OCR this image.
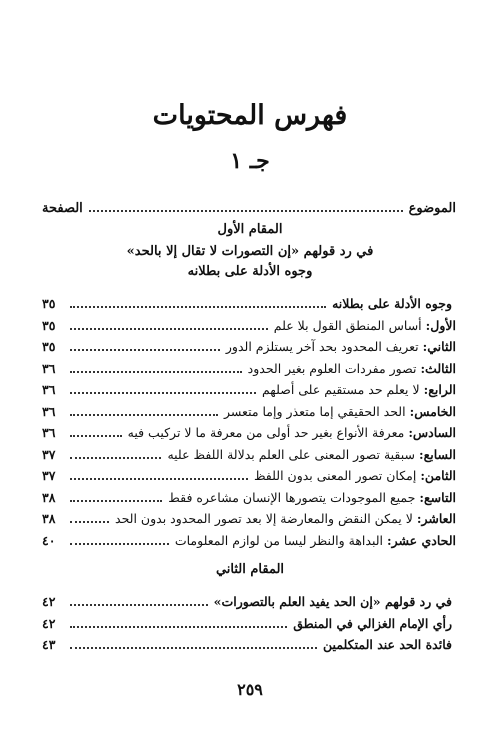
فهرس المحتويات
جـ ١
الموضوع
الصفحة
المقام الأول
في رد قولهم «إن التصورات لا تقال إلا بالحد»
وجوه الأدلة على بطلانه
وجوه الأدلة على بطلانه
٣٥
الأول:
أساس المنطق القول بلا علم
٣٥
الثاني:
تعريف المحدود بحد آخر يستلزم الدور
٣٥
الثالث:
تصور مفردات العلوم بغير الحدود
٣٦
الرابع:
لا يعلم حد مستقيم على أصلهم
٣٦
الخامس:
الحد الحقيقي إما متعذر وإما متعسر
٣٦
السادس:
معرفة الأنواع بغير حد أولى من معرفة ما لا تركيب فيه
٣٦
السابع:
سبقية تصور المعنى على العلم بدلالة اللفظ عليه
٣٧
الثامن:
إمكان تصور المعنى بدون اللفظ
٣٧
التاسع:
جميع الموجودات يتصورها الإنسان مشاعره فقط
٣٨
العاشر:
لا يمكن النقض والمعارضة إلا بعد تصور المحدود بدون الحد
٣٨
الحادي عشر:
البداهة والنظر ليسا من لوازم المعلومات
٤٠
المقام الثاني
في رد قولهم «إن الحد يفيد العلم بالتصورات»
٤٢
رأي الإمام الغزالي في المنطق
٤٢
فائدة الحد عند المتكلمين
٤٣
٢٥٩
